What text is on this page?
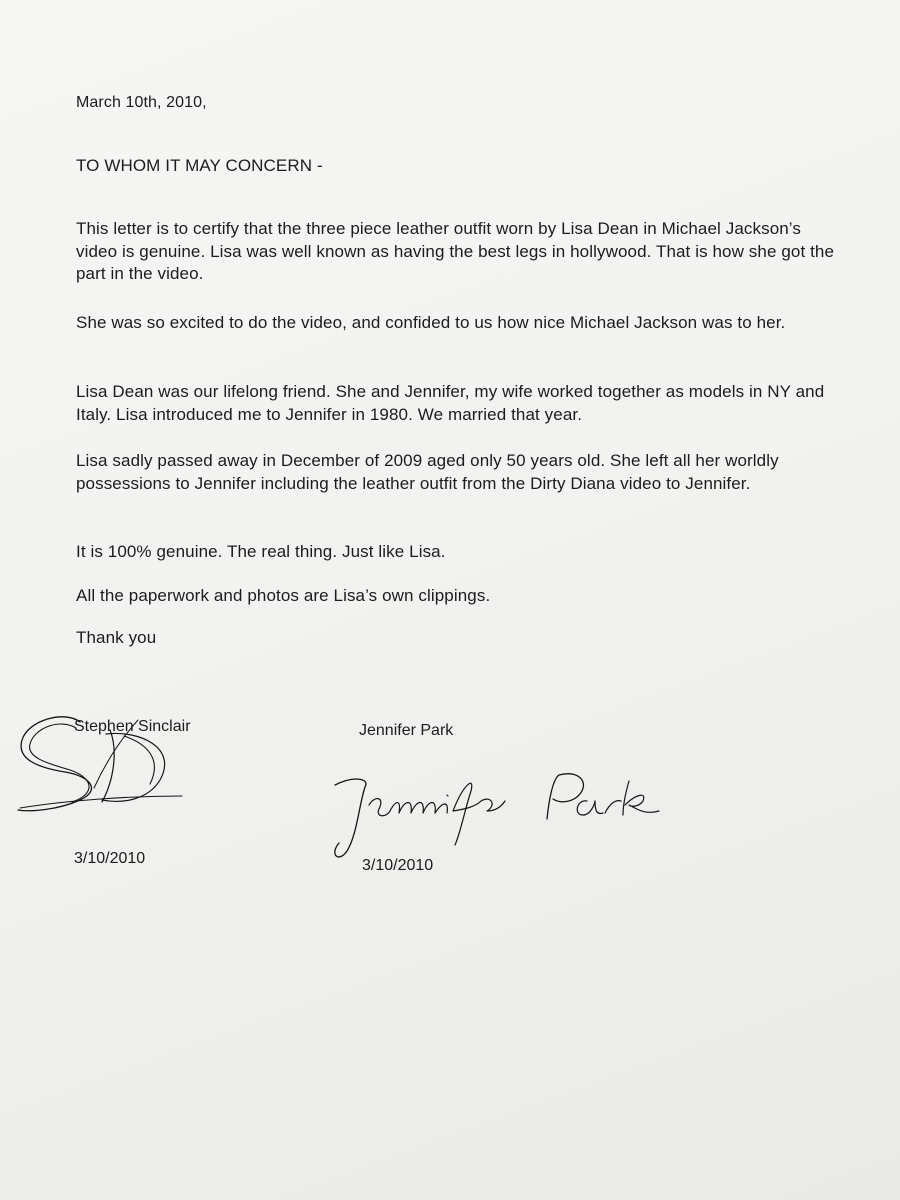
March 10th, 2010,
TO WHOM IT MAY CONCERN -
This letter is to certify that the three piece leather outfit worn by Lisa Dean in Michael Jackson’s video is genuine. Lisa was well known as having the best legs in hollywood. That is how she got the part in the video.
She was so excited to do the video, and confided to us how nice Michael Jackson was to her.
Lisa Dean was our lifelong friend. She and Jennifer, my wife worked together as models in NY and Italy. Lisa introduced me to Jennifer in 1980. We married that year.
Lisa sadly passed away in December of 2009 aged only 50 years old. She left all her worldly possessions to Jennifer including the leather outfit from the Dirty Diana video to Jennifer.
It is 100% genuine. The real thing. Just like Lisa.
All the paperwork and photos are Lisa’s own clippings.
Thank you
Stephen Sinclair
3/10/2010
Jennifer Park
3/10/2010
